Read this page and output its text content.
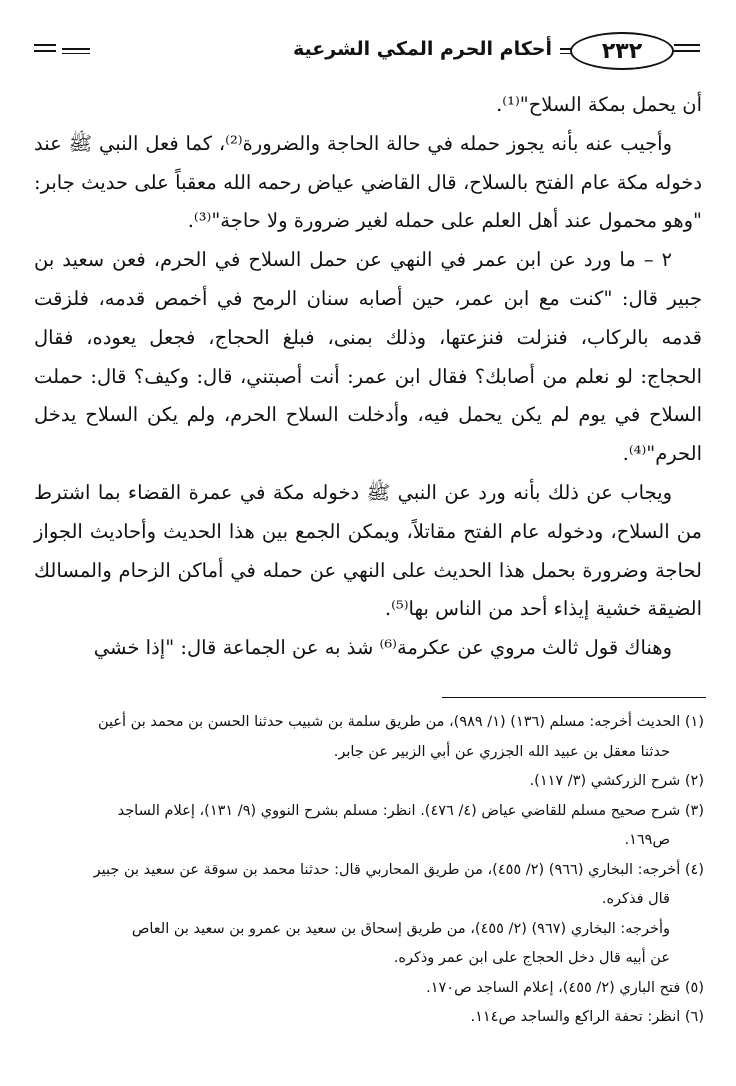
أحكام الحرم المكي الشرعية	٢٣٢

أن يحمل بمكة السلاح"⁽¹⁾.

وأجيب عنه بأنه يجوز حمله في حالة الحاجة والضرورة⁽²⁾، كما فعل النبي ﷺ عند دخوله مكة عام الفتح بالسلاح، قال القاضي عياض رحمه الله معقباً على حديث جابر: "وهو محمول عند أهل العلم على حمله لغير ضرورة ولا حاجة"⁽³⁾.

٢ – ما ورد عن ابن عمر في النهي عن حمل السلاح في الحرم، فعن سعيد بن جبير قال: "كنت مع ابن عمر، حين أصابه سنان الرمح في أخمص قدمه، فلزقت قدمه بالركاب، فنزلت فنزعتها، وذلك بمنى، فبلغ الحجاج، فجعل يعوده، فقال الحجاج: لو نعلم من أصابك؟ فقال ابن عمر: أنت أصبتني، قال: وكيف؟ قال: حملت السلاح في يوم لم يكن يحمل فيه، وأدخلت السلاح الحرم، ولم يكن السلاح يدخل الحرم"⁽⁴⁾.

ويجاب عن ذلك بأنه ورد عن النبي ﷺ دخوله مكة في عمرة القضاء بما اشترط من السلاح، ودخوله عام الفتح مقاتلاً، ويمكن الجمع بين هذا الحديث وأحاديث الجواز لحاجة وضرورة بحمل هذا الحديث على النهي عن حمله في أماكن الزحام والمسالك الضيقة خشية إيذاء أحد من الناس بها⁽⁵⁾.

وهناك قول ثالث مروي عن عكرمة⁽⁶⁾ شذ به عن الجماعة قال: "إذا خشي

(١) الحديث أخرجه: مسلم (١٣٦) (١/ ٩٨٩)، من طريق سلمة بن شبيب حدثنا الحسن بن محمد بن أعين

حدثنا معقل بن عبيد الله الجزري عن أبي الزبير عن جابر.

(٢) شرح الزركشي (٣/ ١١٧).

(٣) شرح صحيح مسلم للقاضي عياض (٤/ ٤٧٦). انظر: مسلم بشرح النووي (٩/ ١٣١)، إعلام الساجد

ص١٦٩.

(٤) أخرجه: البخاري (٩٦٦) (٢/ ٤٥٥)، من طريق المحاربي قال: حدثنا محمد بن سوقة عن سعيد بن جبير

قال فذكره.

وأخرجه: البخاري (٩٦٧) (٢/ ٤٥٥)، من طريق إسحاق بن سعيد بن عمرو بن سعيد بن العاص

عن أبيه قال دخل الحجاج على ابن عمر وذكره.

(٥) فتح الباري (٢/ ٤٥٥)، إعلام الساجد ص١٧٠.

(٦) انظر: تحفة الراكع والساجد ص١١٤.
